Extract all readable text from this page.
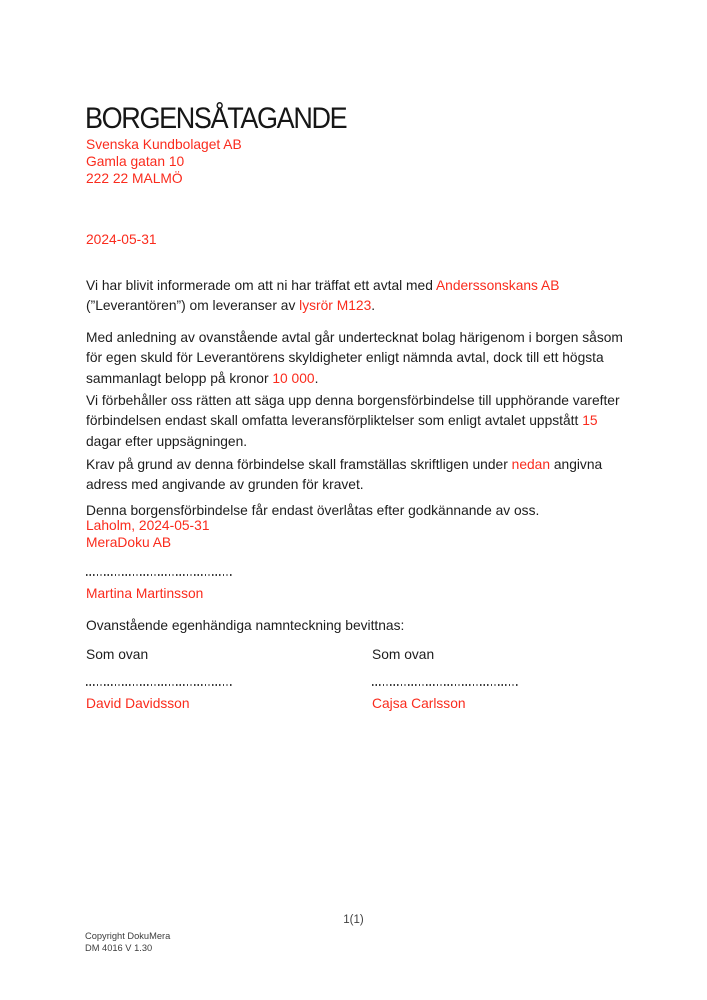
BORGENSÅTAGANDE
Svenska Kundbolaget AB
Gamla gatan 10
222 22 MALMÖ
2024-05-31

Vi har blivit informerade om att ni har träffat ett avtal med Anderssonskans AB (”Leverantören”) om leveranser av lysrör M123.

Med anledning av ovanstående avtal går undertecknat bolag härigenom i borgen såsom för egen skuld för Leverantörens skyldigheter enligt nämnda avtal, dock till ett högsta sammanlagt belopp på kronor 10 000.

Vi förbehåller oss rätten att säga upp denna borgensförbindelse till upphörande varefter förbindelsen endast skall omfatta leveransförpliktelser som enligt avtalet uppstått 15 dagar efter uppsägningen.

Krav på grund av denna förbindelse skall framställas skriftligen under nedan angivna adress med angivande av grunden för kravet.

Denna borgensförbindelse får endast överlåtas efter godkännande av oss.

Laholm, 2024-05-31
MeraDoku AB
Martina Martinsson
Ovanstående egenhändiga namnteckning bevittnas:
Som ovan	Som ovan
David Davidsson	Cajsa Carlsson
1(1)
Copyright DokuMera
DM 4016 V 1.30
